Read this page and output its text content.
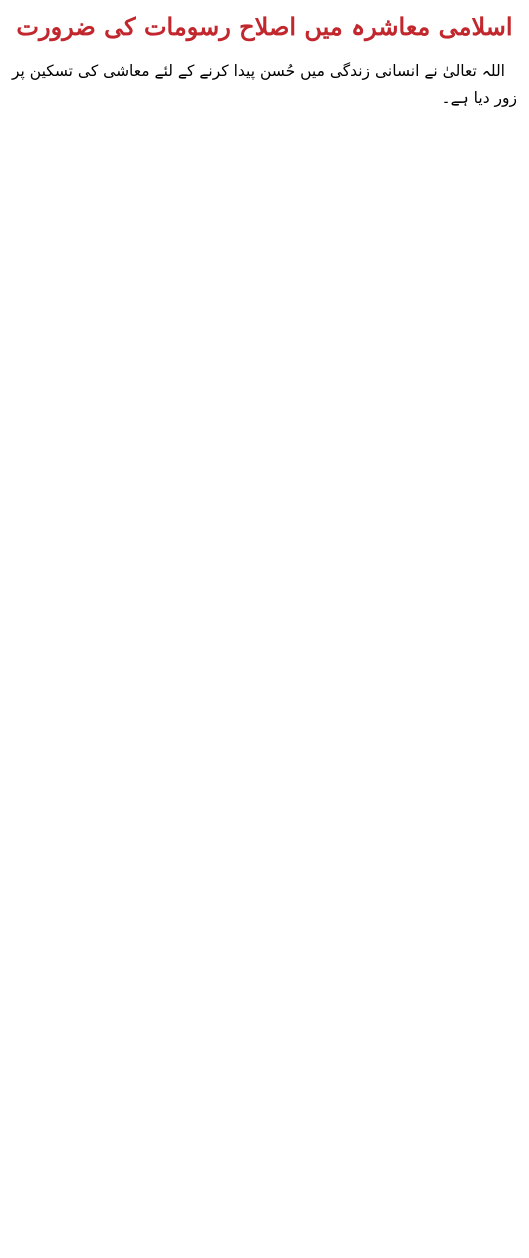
اسلامی معاشرہ میں اصلاح رسومات کی ضرورت

اللہ تعالیٰ نے انسانی زندگی میں حُسن پیدا کرنے کے لئے معاشی کی تسکین پر زور دیا ہے۔
